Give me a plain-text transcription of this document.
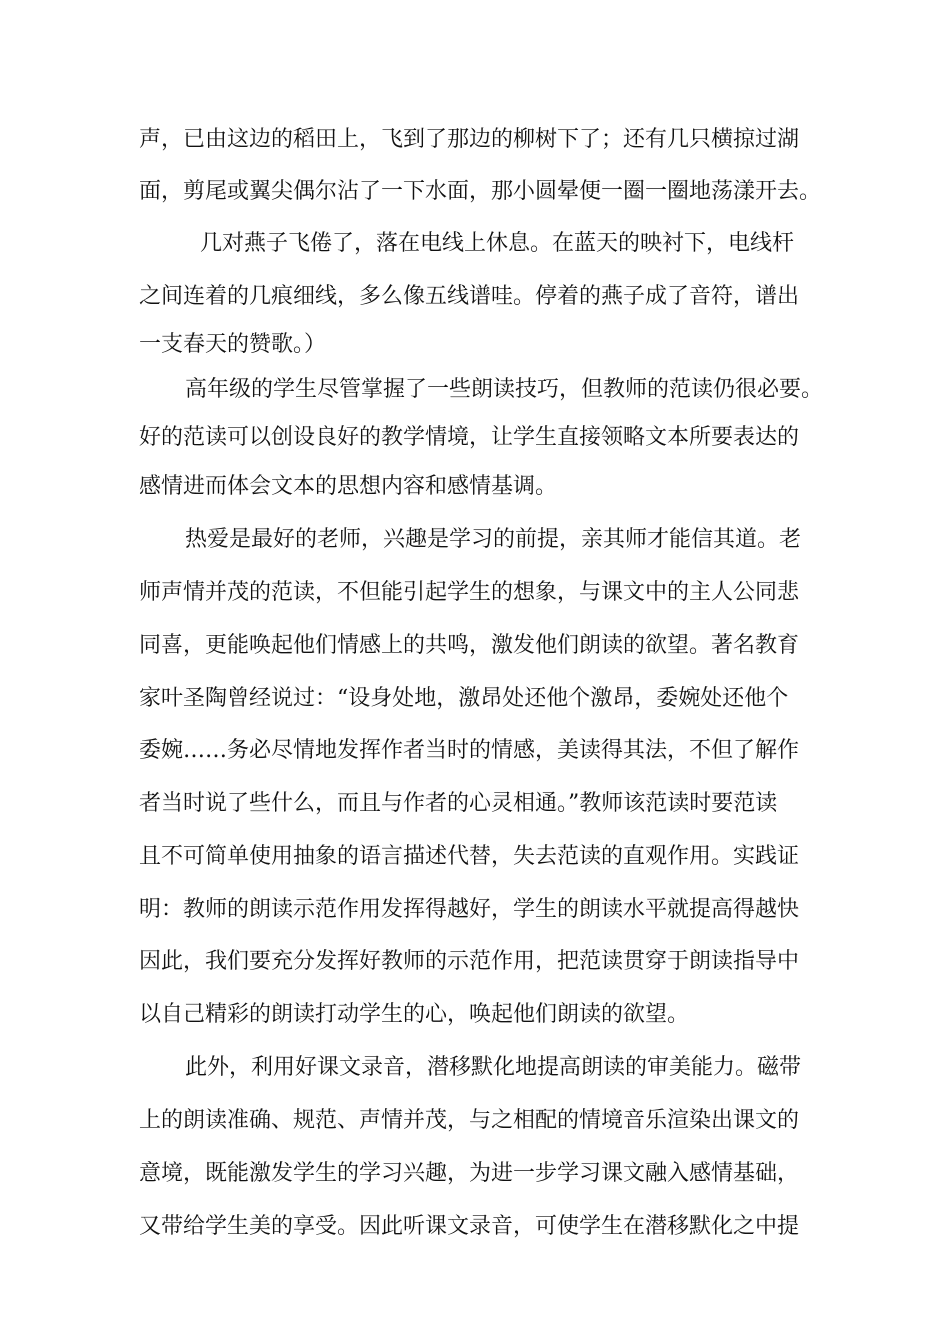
声，已由这边的稻田上，飞到了那边的柳树下了；还有几只横掠过湖
面，剪尾或翼尖偶尔沾了一下水面，那小圆晕便一圈一圈地荡漾开去。
几对燕子飞倦了，落在电线上休息。在蓝天的映衬下，电线杆
之间连着的几痕细线，多么像五线谱哇。停着的燕子成了音符，谱出
一支春天的赞歌。）
高年级的学生尽管掌握了一些朗读技巧，但教师的范读仍很必要。
好的范读可以创设良好的教学情境，让学生直接领略文本所要表达的
感情进而体会文本的思想内容和感情基调。
热爱是最好的老师，兴趣是学习的前提，亲其师才能信其道。老
师声情并茂的范读，不但能引起学生的想象，与课文中的主人公同悲
同喜，更能唤起他们情感上的共鸣，激发他们朗读的欲望。著名教育
家叶圣陶曾经说过：“设身处地，激昂处还他个激昂，委婉处还他个
委婉……务必尽情地发挥作者当时的情感，美读得其法，不但了解作
者当时说了些什么，而且与作者的心灵相通。”教师该范读时要范读
且不可简单使用抽象的语言描述代替，失去范读的直观作用。实践证
明：教师的朗读示范作用发挥得越好，学生的朗读水平就提高得越快
因此，我们要充分发挥好教师的示范作用，把范读贯穿于朗读指导中
以自己精彩的朗读打动学生的心，唤起他们朗读的欲望。
此外，利用好课文录音，潜移默化地提高朗读的审美能力。磁带
上的朗读准确、规范、声情并茂，与之相配的情境音乐渲染出课文的
意境，既能激发学生的学习兴趣，为进一步学习课文融入感情基础，
又带给学生美的享受。因此听课文录音，可使学生在潜移默化之中提
